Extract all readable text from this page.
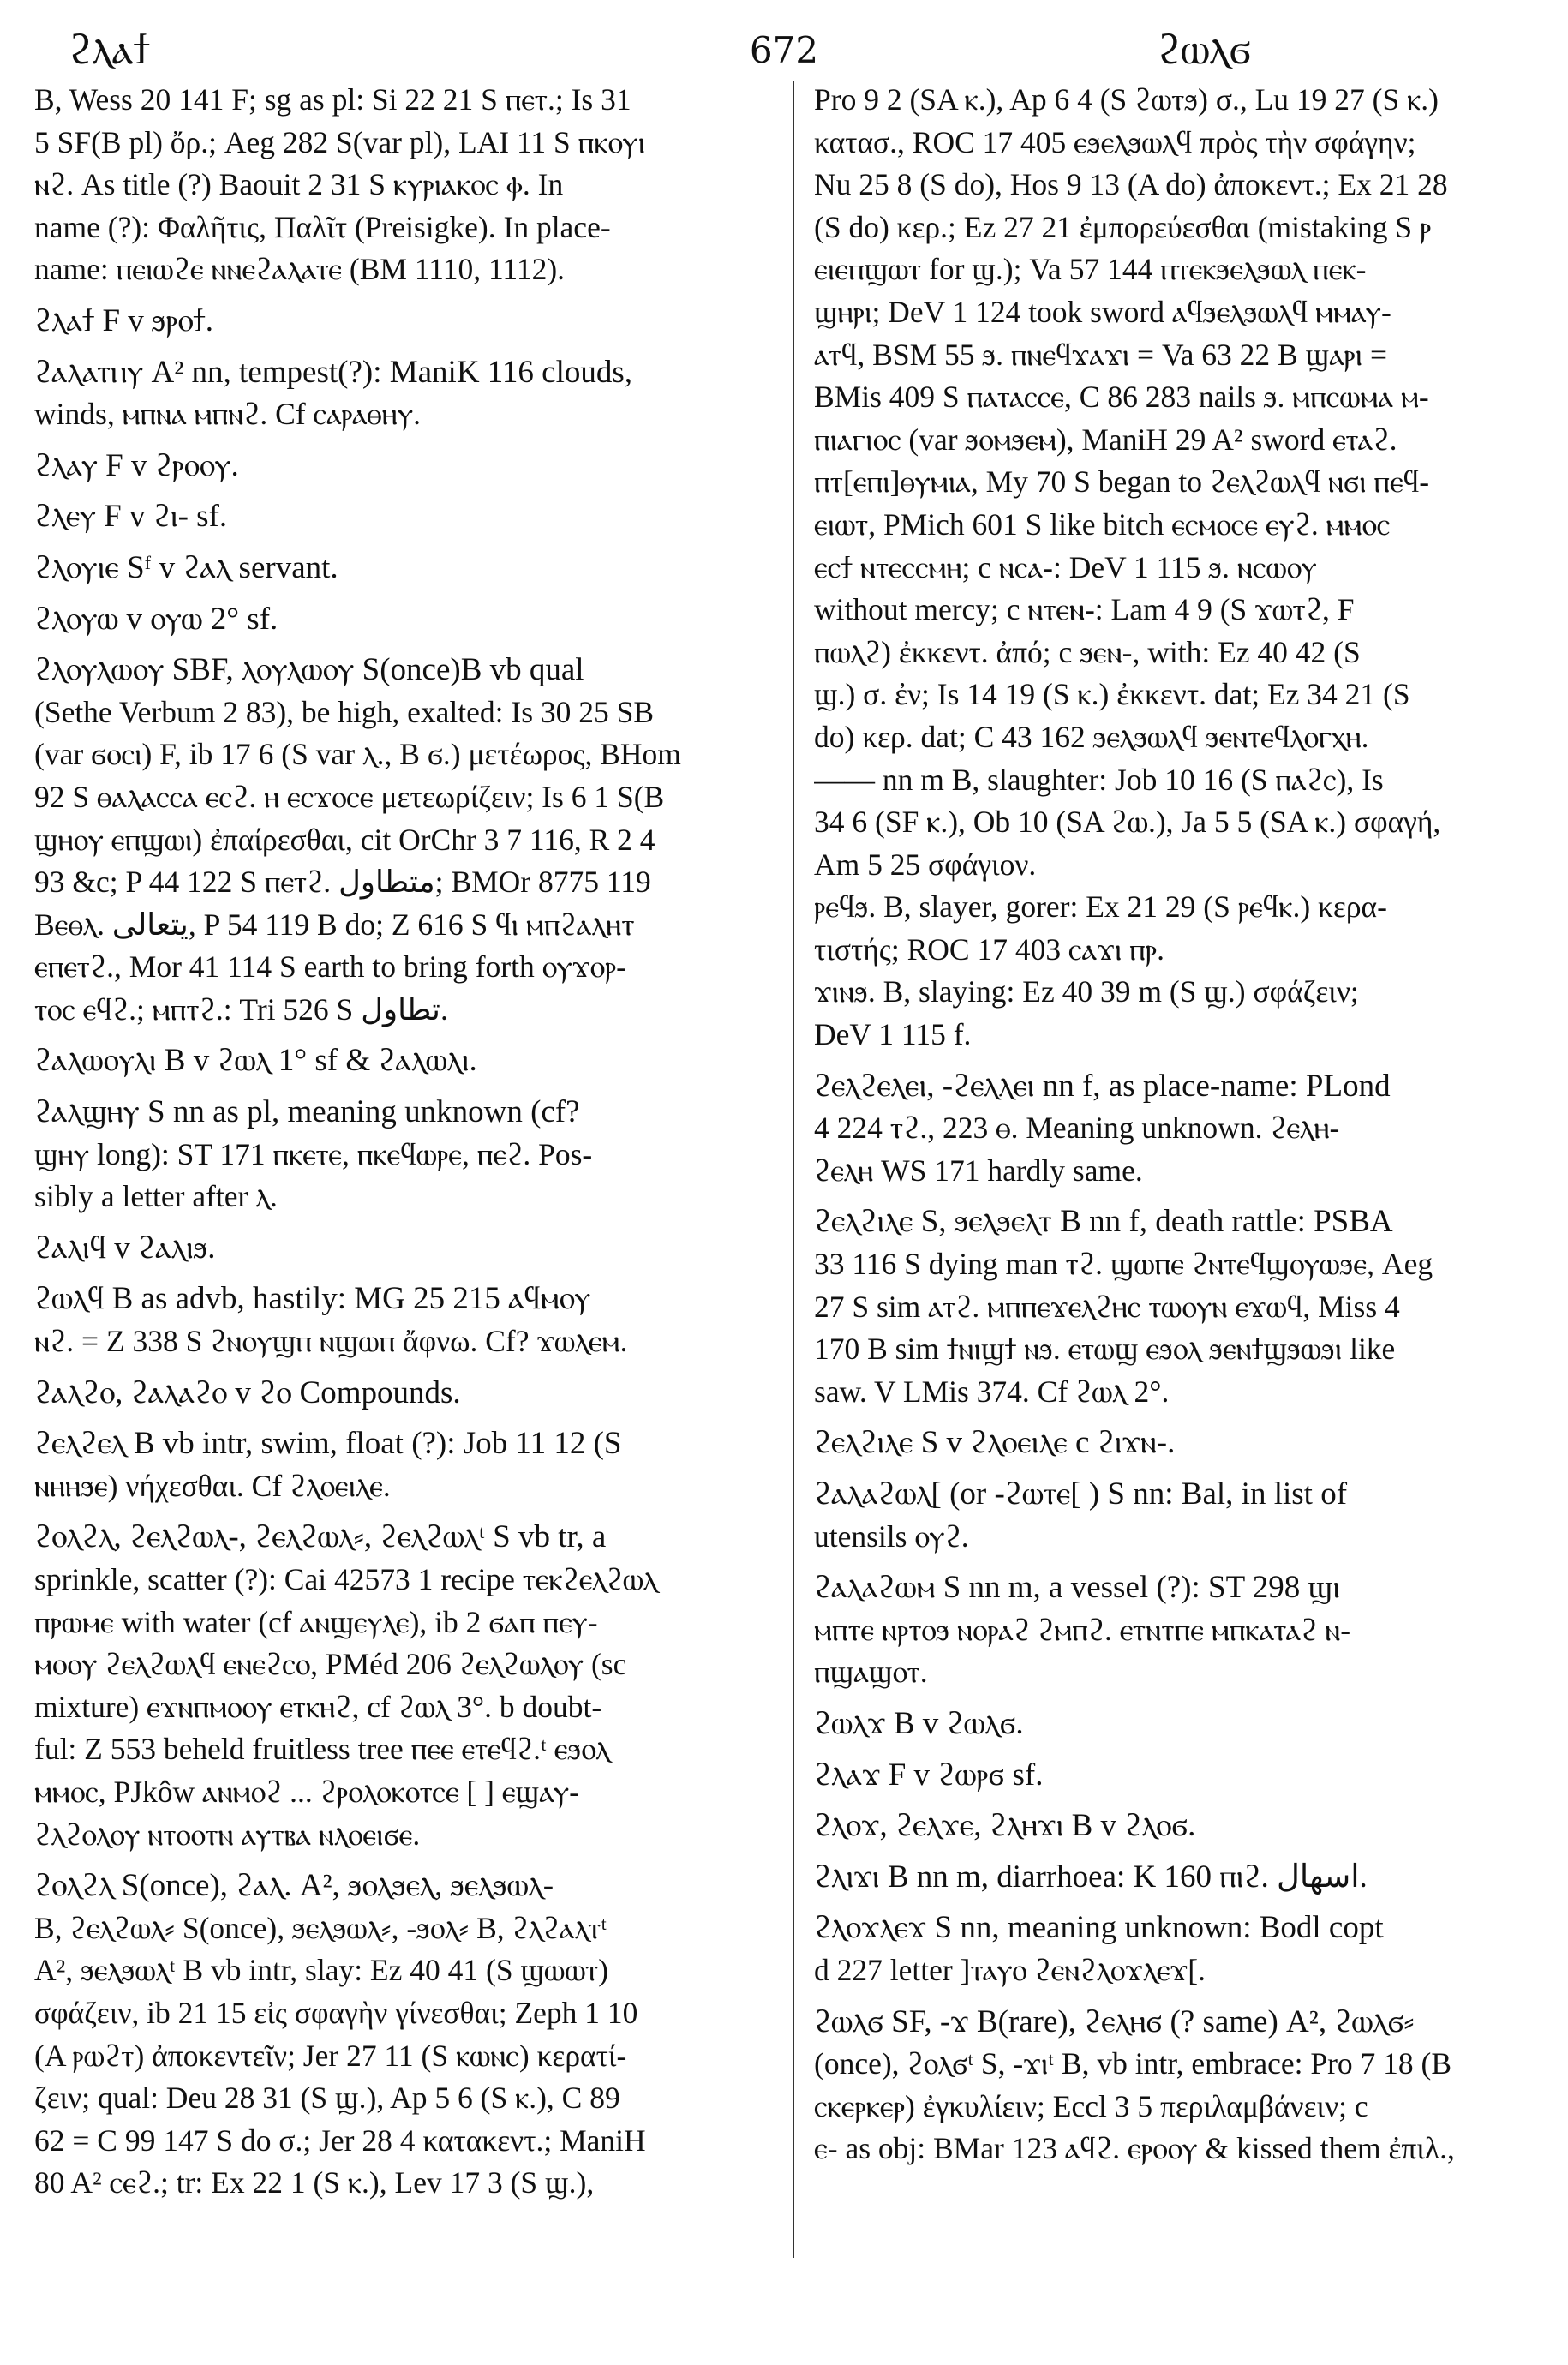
ϩⲗⲁϯ	672	ϩⲱⲗϭ
B, Wess 20 141 F; sg as pl: Si 22 21 S ⲡⲉⲧ.; Is 31
5 SF(B pl) ὄρ.; Aeg 282 S(var pl), LAI 11 S ⲡⲕⲟⲩⲓ
ⲛϩ. As title (?) Baouit 2 31 S ⲕⲩⲣⲓⲁⲕⲟⲥ ⲫ. In
name (?): Φαλῆτις, Παλῖτ (Preisigke). In place-
name: ⲡⲉⲓⲱϩⲉ ⲛⲛⲉϩⲁⲗⲁⲧⲉ (BM 1110, 1112).
ϩⲗⲁϯ F v ϧⲣⲟϯ.
ϩⲁⲗⲁⲧⲏⲩ A² nn, tempest(?): ManiK 116 clouds,
winds, ⲙⲡⲛⲁ ⲙⲡⲛϩ. Cf ⲥⲁⲣⲁⲑⲏⲩ.
ϩⲗⲁⲩ F v ϩⲣⲟⲟⲩ.
ϩⲗⲉⲩ F v ϩⲓ- sf.
ϩⲗⲟⲩⲓⲉ Sᶠ v ϩⲁⲗ servant.
ϩⲗⲟⲩⲱ v ⲟⲩⲱ 2° sf.
ϩⲗⲟⲩⲗⲱⲟⲩ SBF, ⲗⲟⲩⲗⲱⲟⲩ S(once)B vb qual
(Sethe Verbum 2 83), be high, exalted: Is 30 25 SB
(var ϭⲟⲥⲓ) F, ib 17 6 (S var ⲗ., B ϭ.) μετέωρος, BHom
92 S ⲑⲁⲗⲁⲥⲥⲁ ⲉⲥϩ. ⲏ ⲉⲥϫⲟⲥⲉ μετεωρίζειν; Is 6 1 S(B
ϣⲏⲟⲩ ⲉⲡϣⲱⲓ) ἐπαίρεσθαι, cit OrChr 3 7 116, R 2 4
93 &c; P 44 122 S ⲡⲉⲧϩ. متطاول; BMOr 8775 119
Bⲉⲑⲗ. يتعالى, P 54 119 B do; Z 616 S ϥⲓ ⲙⲡϩⲁⲗⲏⲧ
ⲉⲡⲉⲧϩ., Mor 41 114 S earth to bring forth ⲟⲩϫⲟⲣ-
ⲧⲟⲥ ⲉϥϩ.; ⲙⲡⲧϩ.: Tri 526 S تطاول.
ϩⲁⲗⲱⲟⲩⲗⲓ B v ϩⲱⲗ 1° sf & ϩⲁⲗⲱⲗⲓ.
ϩⲁⲗϣⲏⲩ S nn as pl, meaning unknown (cf?
ϣⲏⲩ long): ST 171 ⲡⲕⲉⲧⲉ, ⲡⲕⲉϥⲱⲣⲉ, ⲡⲉϩ. Pos-
sibly a letter after ⲗ.
ϩⲁⲗⲓϥ v ϩⲁⲗⲓϧ.
ϩⲱⲗϥ B as advb, hastily: MG 25 215 ⲁϥⲙⲟⲩ
ⲛϩ. = Z 338 S ϩⲛⲟⲩϣⲡ ⲛϣⲱⲡ ἄφνω. Cf? ϫⲱⲗⲉⲙ.
ϩⲁⲗϩⲟ, ϩⲁⲗⲁϩⲟ v ϩⲟ Compounds.
ϩⲉⲗϩⲉⲗ B vb intr, swim, float (?): Job 11 12 (S
ⲛⲏⲏϧⲉ) νήχεσθαι. Cf ϩⲗⲟⲉⲓⲗⲉ.
ϩⲟⲗϩⲗ, ϩⲉⲗϩⲱⲗ-, ϩⲉⲗϩⲱⲗ⸗, ϩⲉⲗϩⲱⲗᵗ S vb tr, a
sprinkle, scatter (?): Cai 42573 1 recipe ⲧⲉⲕϩⲉⲗϩⲱⲗ
ⲡⲣⲱⲙⲉ with water (cf ⲁⲛϣⲉⲩⲗⲉ), ib 2 ϭⲁⲡ ⲡⲉⲩ-
ⲙⲟⲟⲩ ϩⲉⲗϩⲱⲗϥ ⲉⲛⲉϩⲥⲟ, PMéd 206 ϩⲉⲗϩⲱⲗⲟⲩ (sc
mixture) ⲉϫⲛⲡⲙⲟⲟⲩ ⲉⲧⲕⲏϩ, cf ϩⲱⲗ 3°. b doubt-
ful: Z 553 beheld fruitless tree ⲡⲉⲉ ⲉⲧⲉϥϩ.ᵗ ⲉϧⲟⲗ
ⲙⲙⲟⲥ, PJkôw ⲁⲛⲙⲟϩ ... ϩⲣⲟⲗⲟⲕⲟⲧⲥⲉ [ ] ⲉϣⲁⲩ-
ϩⲗϩⲟⲗⲟⲩ ⲛⲧⲟⲟⲧⲛ ⲁⲩⲧⲃⲁ ⲛⲗⲟⲉⲓϭⲉ.
ϩⲟⲗϩⲗ S(once), ϩⲁⲗ. A², ϧⲟⲗϧⲉⲗ, ϧⲉⲗϧⲱⲗ-
B, ϩⲉⲗϩⲱⲗ⸗ S(once), ϧⲉⲗϧⲱⲗ⸗, -ϧⲟⲗ⸗ B, ϩⲗϩⲁⲗⲧᵗ
A², ϧⲉⲗϧⲱⲗᵗ B vb intr, slay: Ez 40 41 (S ϣⲱⲱⲧ)
σφάζειν, ib 21 15 εἰς σφαγὴν γίνεσθαι; Zeph 1 10
(A ⲣⲱϩⲧ) ἀποκεντεῖν; Jer 27 11 (S ⲕⲱⲛⲥ) κερατί-
ζειν; qual: Deu 28 31 (S ϣ.), Ap 5 6 (S ⲕ.), C 89
62 = C 99 147 S do σ.; Jer 28 4 κατακεντ.; ManiH
80 A² ⲥⲉϩ.; tr: Ex 22 1 (S ⲕ.), Lev 17 3 (S ϣ.),
Pro 9 2 (SA ⲕ.), Ap 6 4 (S ϩⲱⲧϧ) σ., Lu 19 27 (S ⲕ.)
κατασ., ROC 17 405 ⲉϧⲉⲗϧⲱⲗϥ πρὸς τὴν σφάγην;
Nu 25 8 (S do), Hos 9 13 (A do) ἀποκεντ.; Ex 21 28
(S do) κερ.; Ez 27 21 ἐμπορεύεσθαι (mistaking S ⲣ
ⲉⲓⲉⲡϣⲱⲧ for ϣ.); Va 57 144 ⲡⲧⲉⲕϧⲉⲗϧⲱⲗ ⲡⲉⲕ-
ϣⲏⲣⲓ; DeV 1 124 took sword ⲁϥϧⲉⲗϧⲱⲗϥ ⲙⲙⲁⲩ-
ⲁⲧϥ, BSM 55 ϧ. ⲡⲛⲉϥϫⲁϫⲓ = Va 63 22 B ϣⲁⲣⲓ =
BMis 409 S ⲡⲁⲧⲁⲥⲥⲉ, C 86 283 nails ϧ. ⲙⲡⲥⲱⲙⲁ ⲙ-
ⲡⲓⲁⲅⲓⲟⲥ (var ϧⲟⲙϧⲉⲙ), ManiH 29 A² sword ⲉⲧⲁϩ.
ⲡⲧ[ⲉⲡⲓ]ⲑⲩⲙⲓⲁ, My 70 S began to ϩⲉⲗϩⲱⲗϥ ⲛϭⲓ ⲡⲉϥ-
ⲉⲓⲱⲧ, PMich 601 S like bitch ⲉⲥⲙⲟⲥⲉ ⲉⲩϩ. ⲙⲙⲟⲥ
ⲉⲥϯ ⲛⲧⲉⲥⲥⲙⲏ; c ⲛⲥⲁ-: DeV 1 115 ϧ. ⲛⲥⲱⲟⲩ
without mercy; c ⲛⲧⲉⲛ-: Lam 4 9 (S ϫⲱⲧϩ, F
ⲡⲱⲗϩ) ἐκκεντ. ἀπό; c ϧⲉⲛ-, with: Ez 40 42 (S
ϣ.) σ. ἐν; Is 14 19 (S ⲕ.) ἐκκεντ. dat; Ez 34 21 (S
do) κερ. dat; C 43 162 ϧⲉⲗϧⲱⲗϥ ϧⲉⲛⲧⲉϥⲗⲟⲅⲭⲏ.
—— nn m B, slaughter: Job 10 16 (S ⲡⲁϩⲥ), Is
34 6 (SF ⲕ.), Ob 10 (SA ϩⲱ.), Ja 5 5 (SA ⲕ.) σφαγή,
Am 5 25 σφάγιον.
ⲣⲉϥϧ. B, slayer, gorer: Ex 21 29 (S ⲣⲉϥⲕ.) κερα-
τιστής; ROC 17 403 ⲥⲁϫⲓ ⲡⲣ.
ϫⲓⲛϧ. B, slaying: Ez 40 39 m (S ϣ.) σφάζειν;
DeV 1 115 f.
ϩⲉⲗϩⲉⲗⲉⲓ, -ϩⲉⲗⲗⲉⲓ nn f, as place-name: PLond
4 224 ⲧϩ., 223 ⲑ. Meaning unknown. ϩⲉⲗⲏ-
ϩⲉⲗⲏ WS 171 hardly same.
ϩⲉⲗϩⲓⲗⲉ S, ϧⲉⲗϧⲉⲗⲧ B nn f, death rattle: PSBA
33 116 S dying man ⲧϩ. ϣⲱⲡⲉ ϩⲛⲧⲉϥϣⲟⲩⲱϧⲉ, Aeg
27 S sim ⲁⲧϩ. ⲙⲡⲡⲉϫⲉⲗϩⲏⲥ ⲧⲱⲟⲩⲛ ⲉϫⲱϥ, Miss 4
170 B sim ϯⲛⲓϣϯ ⲛϧ. ⲉⲧⲱϣ ⲉϧⲟⲗ ϧⲉⲛϯϣϧⲱϧⲓ like
saw. V LMis 374. Cf ϩⲱⲗ 2°.
ϩⲉⲗϩⲓⲗⲉ S v ϩⲗⲟⲉⲓⲗⲉ c ϩⲓϫⲛ-.
ϩⲁⲗⲁϩⲱⲗ[ (or -ϩⲱⲧⲉ[ ) S nn: Bal, in list of
utensils ⲟⲩϩ.
ϩⲁⲗⲁϩⲱⲙ S nn m, a vessel (?): ST 298 ϣⲓ
ⲙⲡⲧⲉ ⲛⲣⲧⲟϧ ⲛⲟⲣⲁϩ ϩⲙⲡϩ. ⲉⲧⲛⲧⲡⲉ ⲙⲡⲕⲁⲧⲁϩ ⲛ-
ⲡϣⲁϣⲟⲧ.
ϩⲱⲗϫ B v ϩⲱⲗϭ.
ϩⲗⲁϫ F v ϩⲱⲣϭ sf.
ϩⲗⲟϫ, ϩⲉⲗϫⲉ, ϩⲗⲏϫⲓ B v ϩⲗⲟϭ.
ϩⲗⲓϫⲓ B nn m, diarrhoea: K 160 ⲡⲓϩ. اسهال.
ϩⲗⲟϫⲗⲉϫ S nn, meaning unknown: Bodl copt
d 227 letter ]ⲧⲁⲩⲟ ϩⲉⲛϩⲗⲟϫⲗⲉϫ[.
ϩⲱⲗϭ SF, -ϫ B(rare), ϩⲉⲗⲏϭ (? same) A², ϩⲱⲗϭ⸗
(once), ϩⲟⲗϭᵗ S, -ϫⲓᵗ B, vb intr, embrace: Pro 7 18 (B
ⲥⲕⲉⲣⲕⲉⲣ) ἐγκυλίειν; Eccl 3 5 περιλαμβάνειν; c
ⲉ- as obj: BMar 123 ⲁϥϩ. ⲉⲣⲟⲟⲩ & kissed them ἐπιλ.,
